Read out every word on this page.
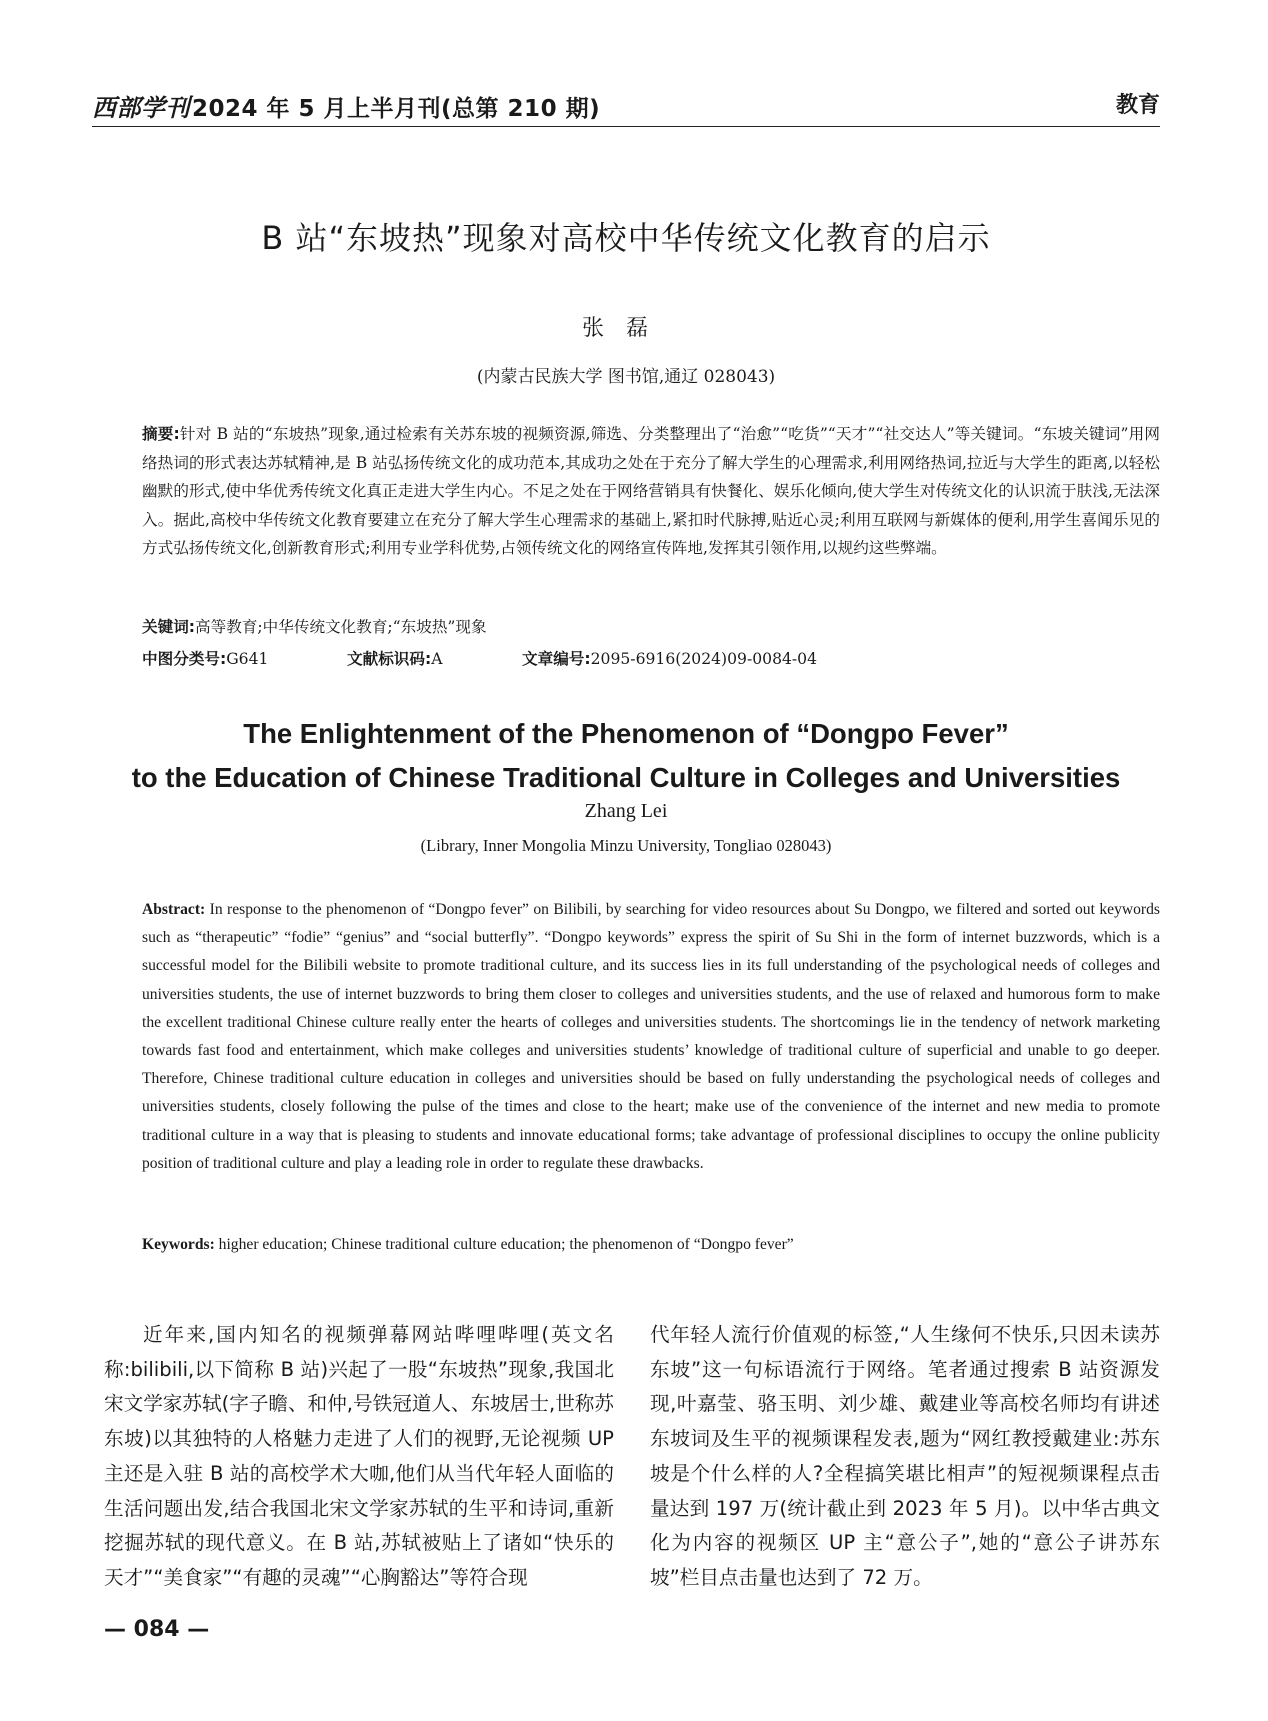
西部学刊2024 年 5 月上半月刊(总第 210 期)	教育
B 站“东坡热”现象对高校中华传统文化教育的启示
张磊
(内蒙古民族大学 图书馆,通辽 028043)
摘要:针对 B 站的“东坡热”现象,通过检索有关苏东坡的视频资源,筛选、分类整理出了“治愈”“吃货”“天才”“社交达人”等关键词。“东坡关键词”用网络热词的形式表达苏轼精神,是 B 站弘扬传统文化的成功范本,其成功之处在于充分了解大学生的心理需求,利用网络热词,拉近与大学生的距离,以轻松幽默的形式,使中华优秀传统文化真正走进大学生内心。不足之处在于网络营销具有快餐化、娱乐化倾向,使大学生对传统文化的认识流于肤浅,无法深入。据此,高校中华传统文化教育要建立在充分了解大学生心理需求的基础上,紧扣时代脉搏,贴近心灵;利用互联网与新媒体的便利,用学生喜闻乐见的方式弘扬传统文化,创新教育形式;利用专业学科优势,占领传统文化的网络宣传阵地,发挥其引领作用,以规约这些弊端。
关键词:高等教育;中华传统文化教育;“东坡热”现象
中图分类号:G641	文献标识码:A	文章编号:2095-6916(2024)09-0084-04
The Enlightenment of the Phenomenon of “Dongpo Fever”
to the Education of Chinese Traditional Culture in Colleges and Universities
Zhang Lei
(Library, Inner Mongolia Minzu University, Tongliao 028043)
Abstract: In response to the phenomenon of “Dongpo fever” on Bilibili, by searching for video resources about Su Dongpo, we filtered and sorted out keywords such as “therapeutic” “fodie” “genius” and “social butterfly”. “Dongpo keywords” express the spirit of Su Shi in the form of internet buzzwords, which is a successful model for the Bilibili website to promote traditional culture, and its success lies in its full understanding of the psychological needs of colleges and universities students, the use of internet buzzwords to bring them closer to colleges and universities students, and the use of relaxed and humorous form to make the excellent traditional Chinese culture really enter the hearts of colleges and universities students. The shortcomings lie in the tendency of network marketing towards fast food and entertainment, which make colleges and universities students’ knowledge of traditional culture of superficial and unable to go deeper. Therefore, Chinese traditional culture education in colleges and universities should be based on fully understanding the psychological needs of colleges and universities students, closely following the pulse of the times and close to the heart; make use of the convenience of the internet and new media to promote traditional culture in a way that is pleasing to students and innovate educational forms; take advantage of professional disciplines to occupy the online publicity position of traditional culture and play a leading role in order to regulate these drawbacks.
Keywords: higher education; Chinese traditional culture education; the phenomenon of “Dongpo fever”

近年来,国内知名的视频弹幕网站哔哩哔哩(英文名称:bilibili,以下简称 B 站)兴起了一股“东坡热”现象,我国北宋文学家苏轼(字子瞻、和仲,号铁冠道人、东坡居士,世称苏东坡)以其独特的人格魅力走进了人们的视野,无论视频 UP 主还是入驻 B 站的高校学术大咖,他们从当代年轻人面临的生活问题出发,结合我国北宋文学家苏轼的生平和诗词,重新挖掘苏轼的现代意义。在 B 站,苏轼被贴上了诸如“快乐的天才”“美食家”“有趣的灵魂”“心胸豁达”等符合现

代年轻人流行价值观的标签,“人生缘何不快乐,只因未读苏东坡”这一句标语流行于网络。笔者通过搜索 B 站资源发现,叶嘉莹、骆玉明、刘少雄、戴建业等高校名师均有讲述东坡词及生平的视频课程发表,题为“网红教授戴建业:苏东坡是个什么样的人?全程搞笑堪比相声”的短视频课程点击量达到 197 万(统计截止到 2023 年 5 月)。以中华古典文化为内容的视频区 UP 主“意公子”,她的“意公子讲苏东坡”栏目点击量也达到了 72 万。

— 084 —
